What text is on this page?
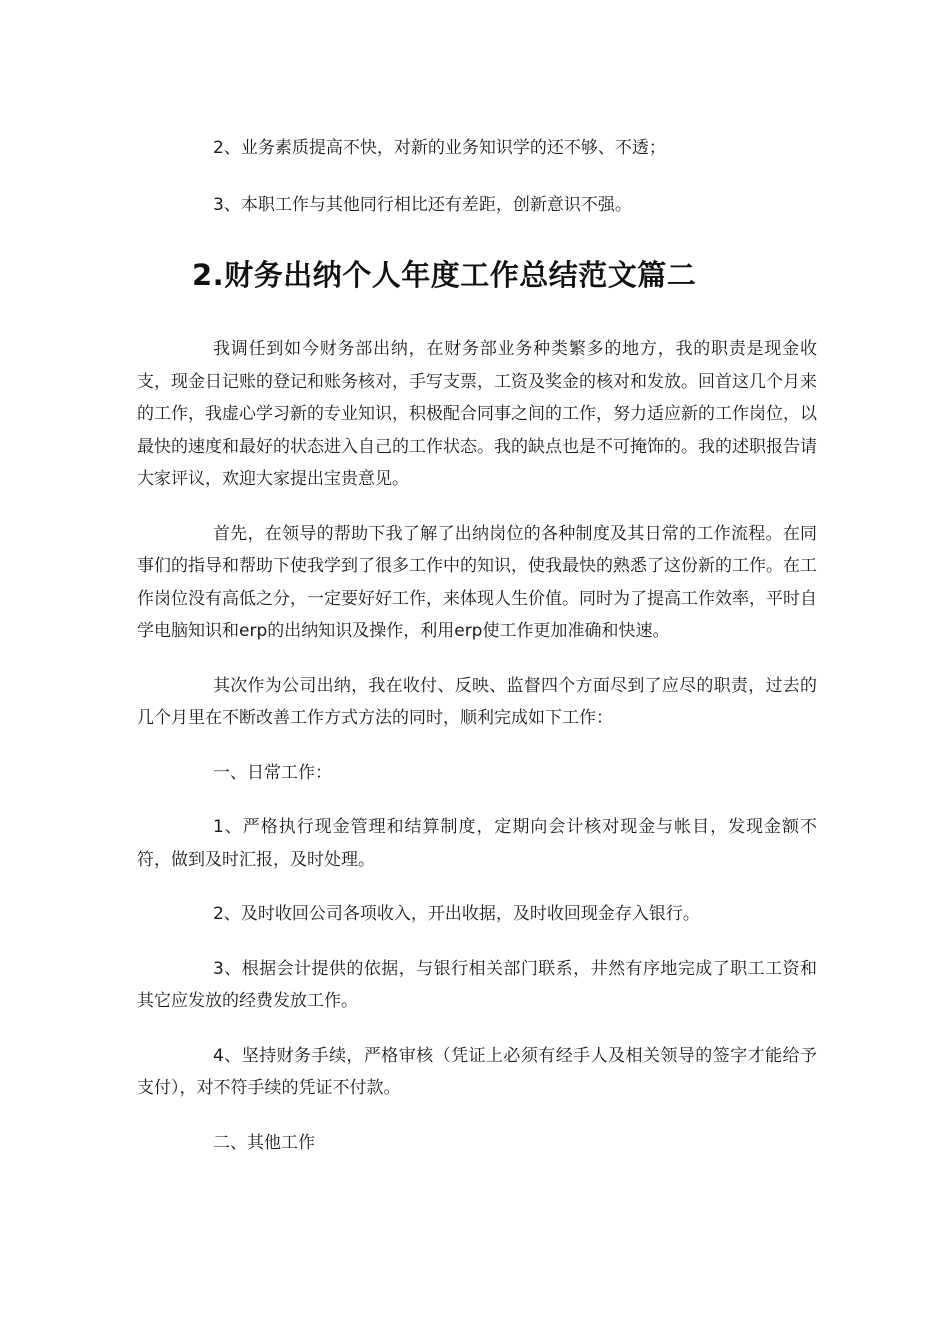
2、业务素质提高不快，对新的业务知识学的还不够、不透；

3、本职工作与其他同行相比还有差距，创新意识不强。

2.财务出纳个人年度工作总结范文篇二

我调任到如今财务部出纳，在财务部业务种类繁多的地方，我的职责是现金收支，现金日记账的登记和账务核对，手写支票，工资及奖金的核对和发放。回首这几个月来的工作，我虚心学习新的专业知识，积极配合同事之间的工作，努力适应新的工作岗位，以最快的速度和最好的状态进入自己的工作状态。我的缺点也是不可掩饰的。我的述职报告请大家评议，欢迎大家提出宝贵意见。

首先，在领导的帮助下我了解了出纳岗位的各种制度及其日常的工作流程。在同事们的指导和帮助下使我学到了很多工作中的知识，使我最快的熟悉了这份新的工作。在工作岗位没有高低之分，一定要好好工作，来体现人生价值。同时为了提高工作效率，平时自学电脑知识和erp的出纳知识及操作，利用erp使工作更加准确和快速。

其次作为公司出纳，我在收付、反映、监督四个方面尽到了应尽的职责，过去的几个月里在不断改善工作方式方法的同时，顺利完成如下工作：

一、日常工作：

1、严格执行现金管理和结算制度，定期向会计核对现金与帐目，发现金额不符，做到及时汇报，及时处理。

2、及时收回公司各项收入，开出收据，及时收回现金存入银行。

3、根据会计提供的依据，与银行相关部门联系，井然有序地完成了职工工资和其它应发放的经费发放工作。

4、坚持财务手续，严格审核（凭证上必须有经手人及相关领导的签字才能给予支付），对不符手续的凭证不付款。

二、其他工作
